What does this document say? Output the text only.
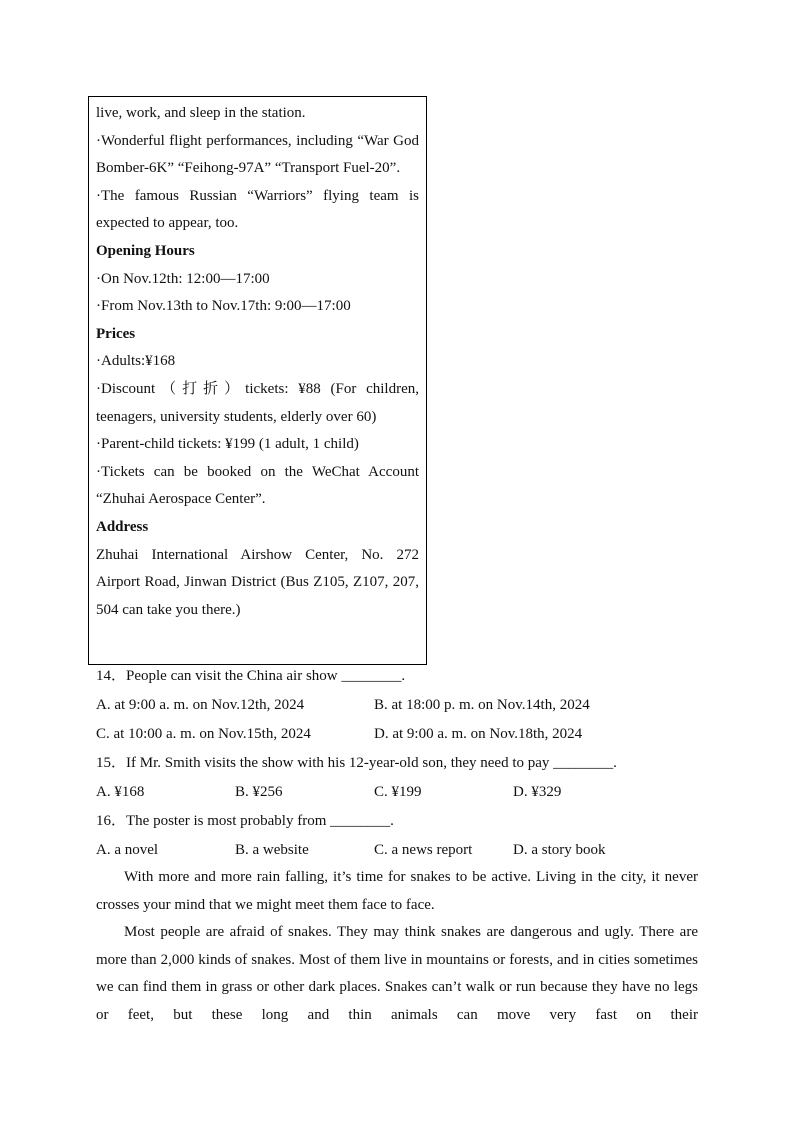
live, work, and sleep in the station.

·Wonderful flight performances, including “War God Bomber-6K” “Feihong-97A” “Transport Fuel-20”.

·The famous Russian “Warriors” flying team is expected to appear, too.

Opening Hours

·On Nov.12th: 12:00—17:00

·From Nov.13th to Nov.17th: 9:00—17:00

Prices

·Adults:¥168

·Discount（打折）tickets: ¥88 (For children, teenagers, university students, elderly over 60)

·Parent-child tickets: ¥199 (1 adult, 1 child)

·Tickets can be booked on the WeChat Account “Zhuhai Aerospace Center”.

Address

Zhuhai International Airshow Center, No. 272 Airport Road, Jinwan District (Bus Z105, Z107, 207, 504 can take you there.)

14．People can visit the China air show ________.

A. at 9:00 a. m. on Nov.12th, 2024	B. at 18:00 p. m. on Nov.14th, 2024
C. at 10:00 a. m. on Nov.15th, 2024	D. at 9:00 a. m. on Nov.18th, 2024

15．If Mr. Smith visits the show with his 12-year-old son, they need to pay ________.

A. ¥168	B. ¥256	C. ¥199	D. ¥329

16．The poster is most probably from ________.

A. a novel	B. a website	C. a news report	D. a story book

With more and more rain falling, it’s time for snakes to be active. Living in the city, it never crosses your mind that we might meet them face to face.

Most people are afraid of snakes. They may think snakes are dangerous and ugly. There are more than 2,000 kinds of snakes. Most of them live in mountains or forests, and in cities sometimes we can find them in grass or other dark places. Snakes can’t walk or run because they have no legs or feet, but these long and thin animals can move very fast on their
